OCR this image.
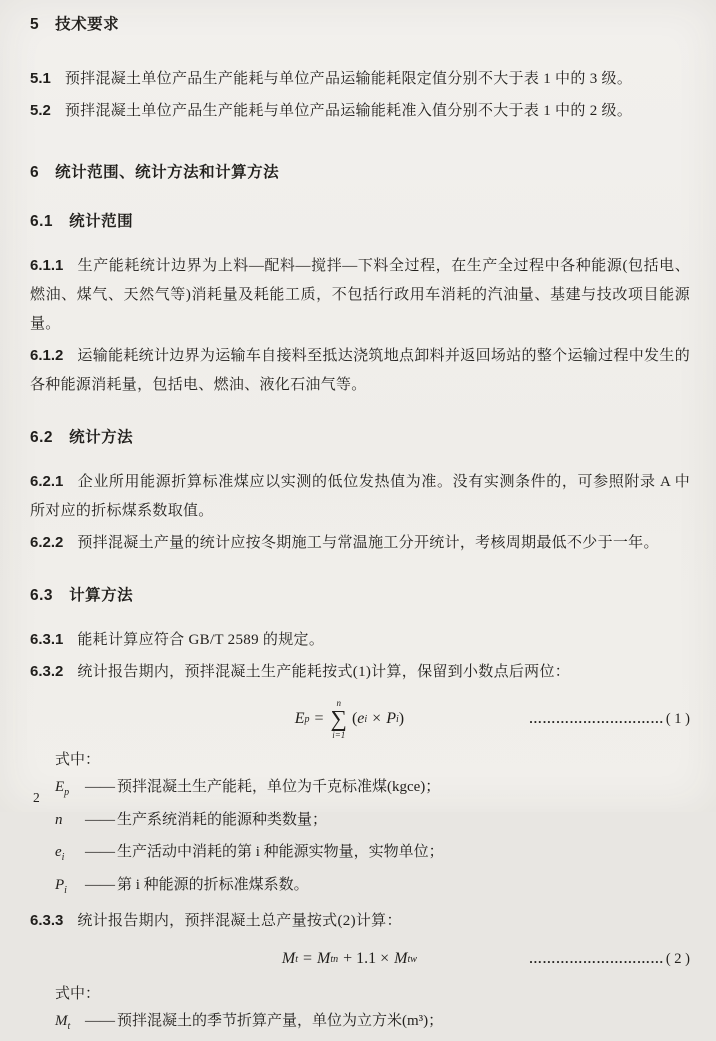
5 技术要求

5.1 预拌混凝土单位产品生产能耗与单位产品运输能耗限定值分别不大于表 1 中的 3 级。

5.2 预拌混凝土单位产品生产能耗与单位产品运输能耗准入值分别不大于表 1 中的 2 级。

6 统计范围、统计方法和计算方法

6.1 统计范围

6.1.1 生产能耗统计边界为上料—配料—搅拌—下料全过程，在生产全过程中各种能源(包括电、燃油、煤气、天然气等)消耗量及耗能工质，不包括行政用车消耗的汽油量、基建与技改项目能源量。

6.1.2 运输能耗统计边界为运输车自接料至抵达浇筑地点卸料并返回场站的整个运输过程中发生的各种能源消耗量，包括电、燃油、液化石油气等。

6.2 统计方法

6.2.1 企业所用能源折算标准煤应以实测的低位发热值为准。没有实测条件的，可参照附录 A 中所对应的折标煤系数取值。

6.2.2 预拌混凝土产量的统计应按冬期施工与常温施工分开统计，考核周期最低不少于一年。

6.3 计算方法

6.3.1 能耗计算应符合 GB/T 2589 的规定。

6.3.2 统计报告期内，预拌混凝土生产能耗按式(1)计算，保留到小数点后两位：

E p =
n
∑
i=1
( e i × P i )	………………………… ( 1 )

式中：

$E_p$ —— 预拌混凝土生产能耗，单位为千克标准煤(kgce)；

n —— 生产系统消耗的能源种类数量；

$e_i$ —— 生产活动中消耗的第 i 种能源实物量，实物单位；

$P_i$ —— 第 i 种能源的折标准煤系数。

6.3.3 统计报告期内，预拌混凝土总产量按式(2)计算：

M t = M tn + 1.1 × M tw	………………………… ( 2 )

式中：

$M_t$ —— 预拌混凝土的季节折算产量，单位为立方米(m³)；

2
